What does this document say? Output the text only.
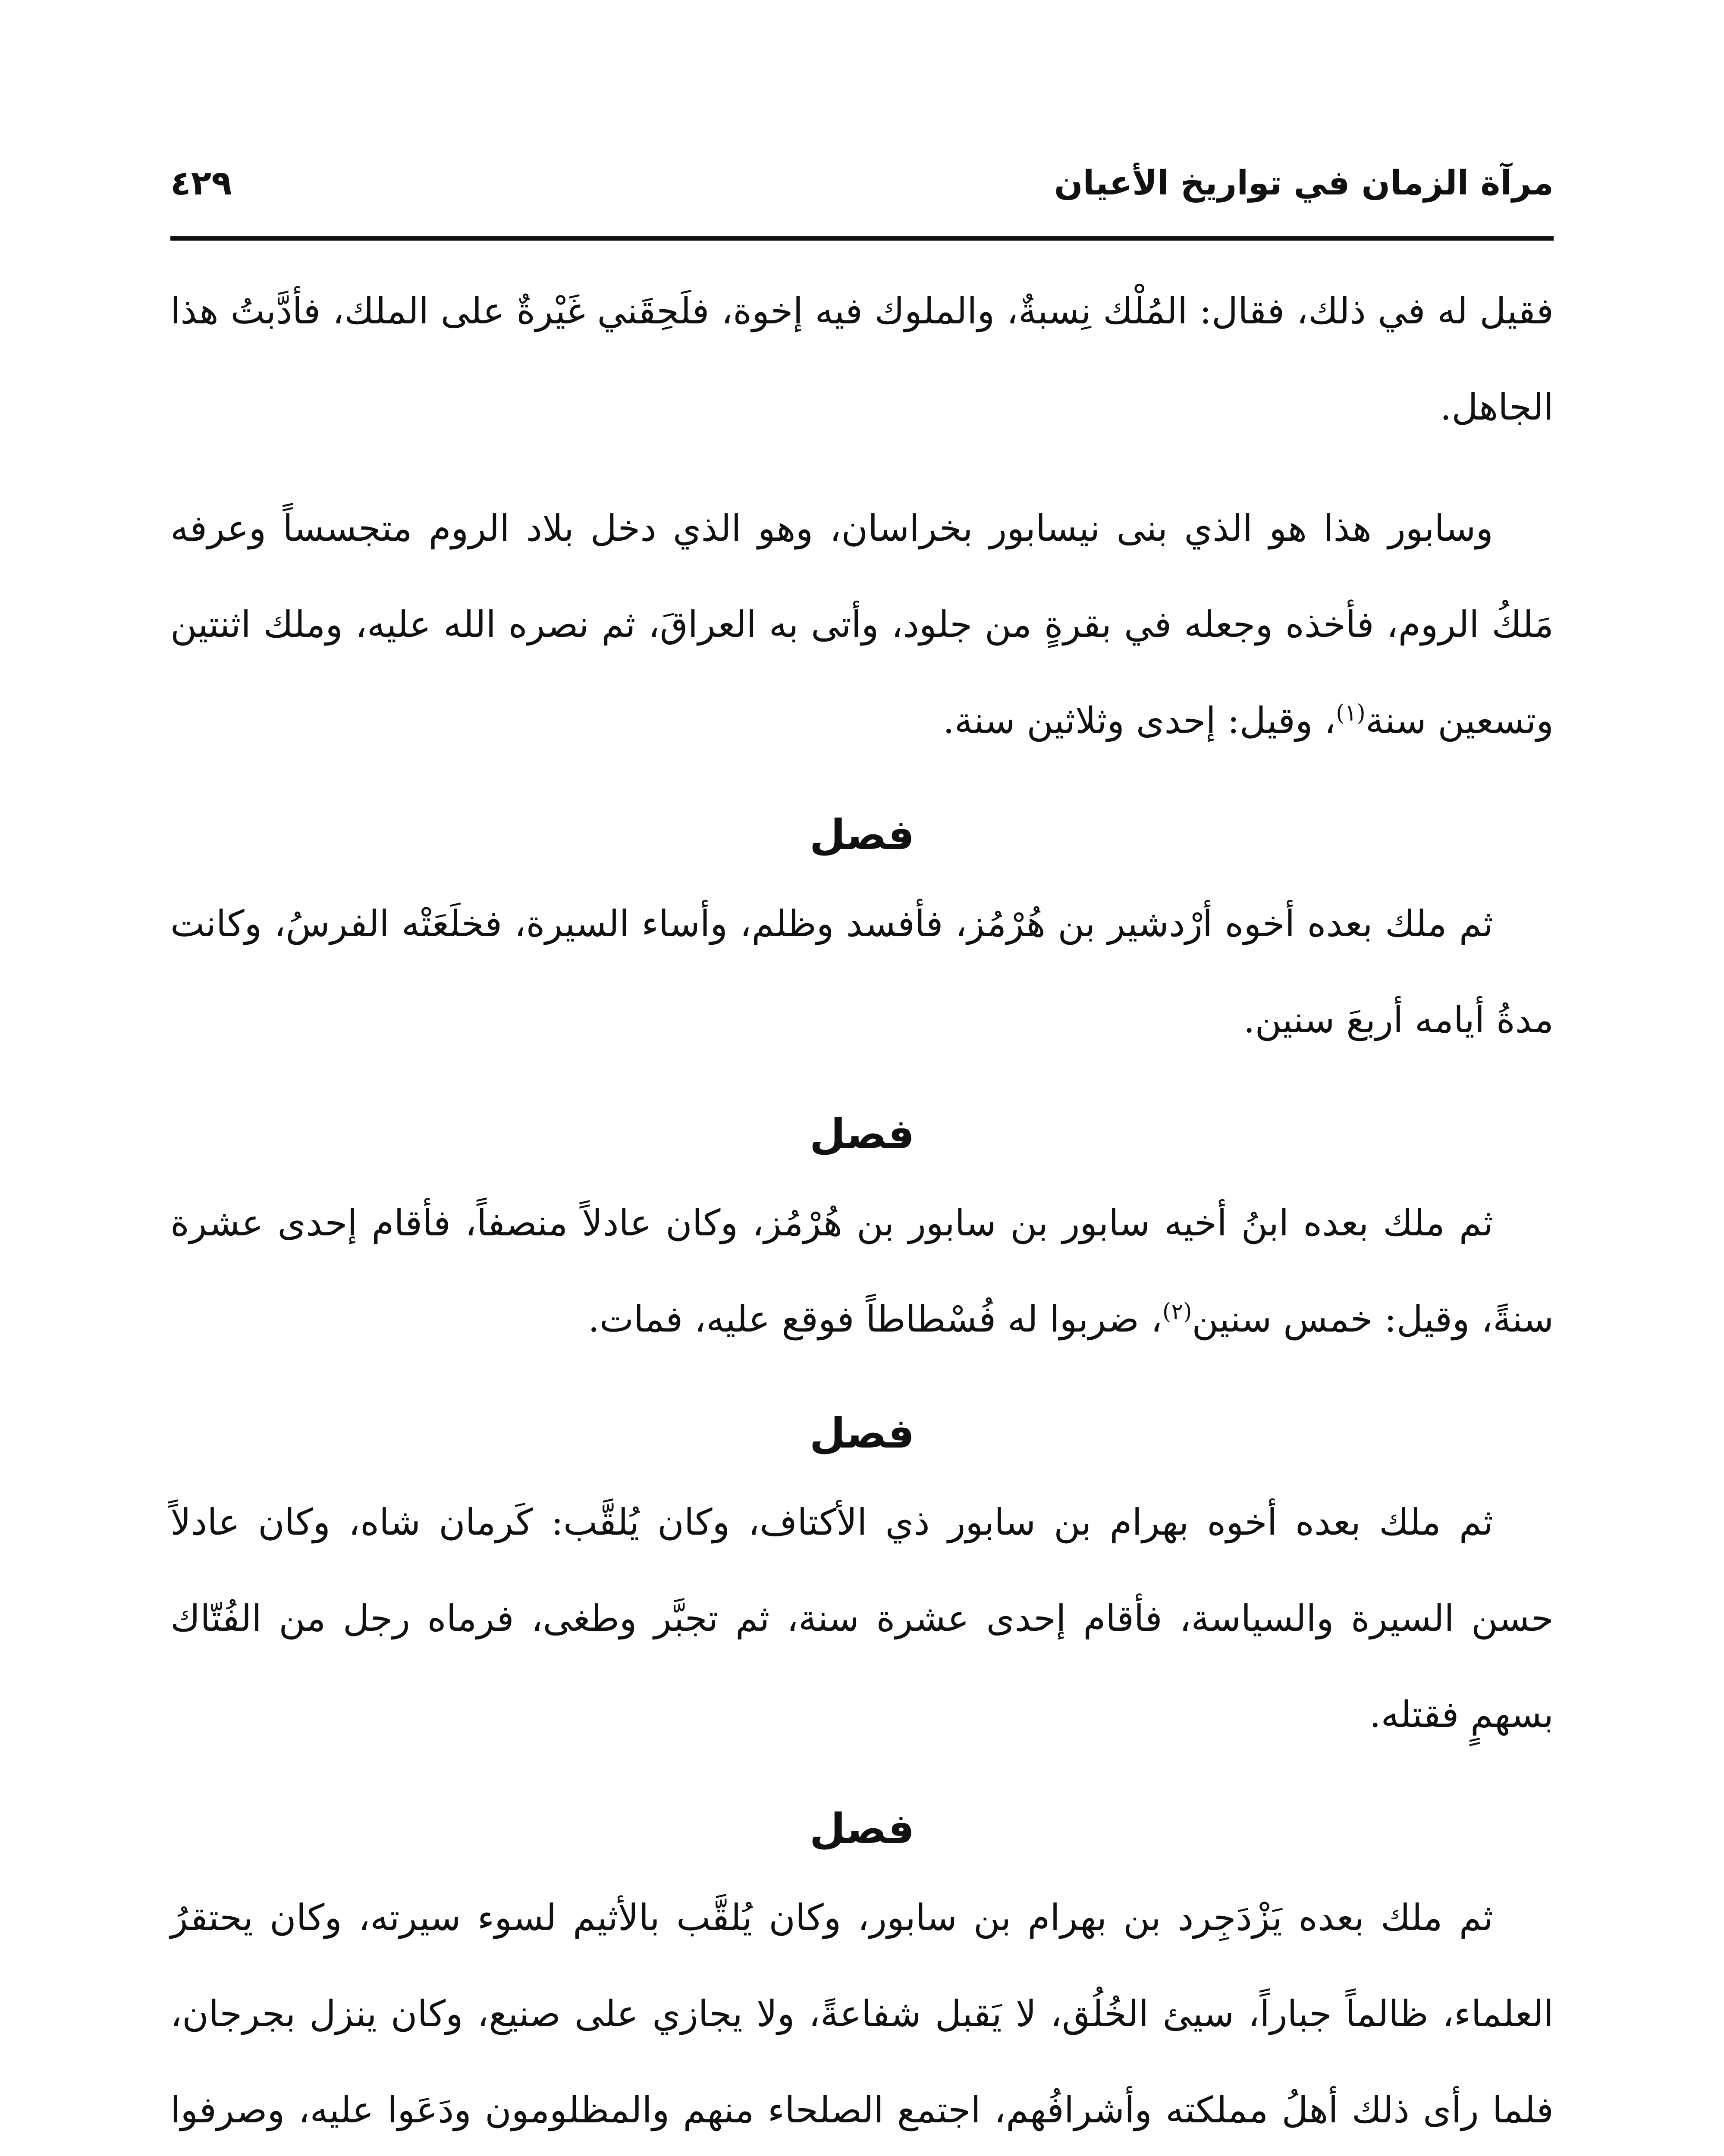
مرآة الزمان في تواريخ الأعيان
٤٢٩

فقيل له في ذلك، فقال: المُلْك نِسبةٌ، والملوك فيه إخوة، فلَحِقَني غَيْرةٌ على الملك، فأدَّبتُ هذا الجاهل.

وسابور هذا هو الذي بنى نيسابور بخراسان، وهو الذي دخل بلاد الروم متجسساً وعرفه مَلكُ الروم، فأخذه وجعله في بقرةٍ من جلود، وأتى به العراقَ، ثم نصره الله عليه، وملك اثنتين وتسعين سنة$^{(١)}$، وقيل: إحدى وثلاثين سنة.

فصل

ثم ملك بعده أخوه أرْدشير بن هُرْمُز، فأفسد وظلم، وأساء السيرة، فخلَعَتْه الفرسُ، وكانت مدةُ أيامه أربعَ سنين.

فصل

ثم ملك بعده ابنُ أخيه سابور بن سابور بن هُرْمُز، وكان عادلاً منصفاً، فأقام إحدى عشرة سنةً، وقيل: خمس سنين$^{(٢)}$، ضربوا له فُسْطاطاً فوقع عليه، فمات.

فصل

ثم ملك بعده أخوه بهرام بن سابور ذي الأكتاف، وكان يُلقَّب: كَرمان شاه، وكان عادلاً حسن السيرة والسياسة، فأقام إحدى عشرة سنة، ثم تجبَّر وطغى، فرماه رجل من الفُتّاك بسهمٍ فقتله.

فصل

ثم ملك بعده يَزْدَجِرد بن بهرام بن سابور، وكان يُلقَّب بالأثيم لسوء سيرته، وكان يحتقرُ العلماء، ظالماً جباراً، سيئ الخُلُق، لا يَقبل شفاعةً، ولا يجازي على صنيع، وكان ينزل بجرجان، فلما رأى ذلك أهلُ مملكته وأشرافُهم، اجتمع الصلحاء منهم والمظلومون ودَعَوا عليه، وصرفوا
